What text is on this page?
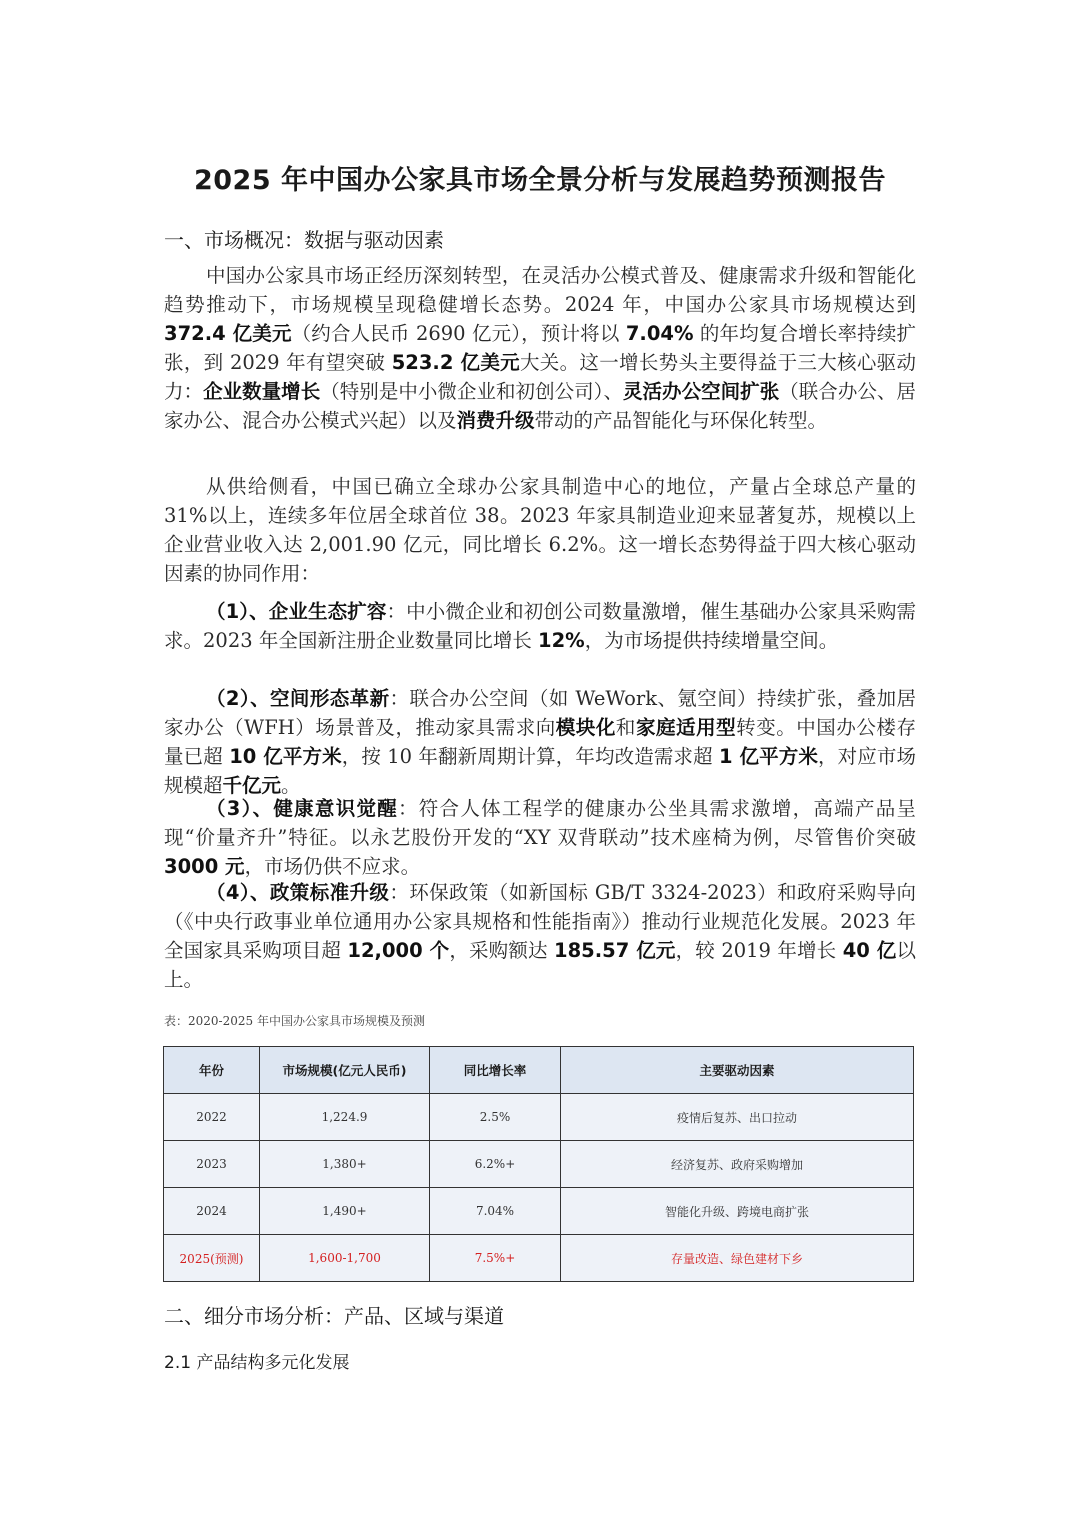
2025 年中国办公家具市场全景分析与发展趋势预测报告
一、市场概况：数据与驱动因素

中国办公家具市场正经历深刻转型，在灵活办公模式普及、健康需求升级和智能化趋势推动下，市场规模呈现稳健增长态势。2024 年，中国办公家具市场规模达到 372.4 亿美元（约合人民币 2690 亿元），预计将以 7.04% 的年均复合增长率持续扩张，到 2029 年有望突破 523.2 亿美元大关。这一增长势头主要得益于三大核心驱动力：企业数量增长（特别是中小微企业和初创公司）、灵活办公空间扩张（联合办公、居家办公、混合办公模式兴起）以及消费升级带动的产品智能化与环保化转型。

从供给侧看，中国已确立全球办公家具制造中心的地位，产量占全球总产量的 31%以上，连续多年位居全球首位 38。2023 年家具制造业迎来显著复苏，规模以上企业营业收入达 2,001.90 亿元，同比增长 6.2%。这一增长态势得益于四大核心驱动因素的协同作用：

（1）、企业生态扩容：中小微企业和初创公司数量激增，催生基础办公家具采购需求。2023 年全国新注册企业数量同比增长 12%，为市场提供持续增量空间。

（2）、空间形态革新：联合办公空间（如 WeWork、氪空间）持续扩张，叠加居家办公（WFH）场景普及，推动家具需求向模块化和家庭适用型转变。中国办公楼存量已超 10 亿平方米，按 10 年翻新周期计算，年均改造需求超 1 亿平方米，对应市场规模超千亿元。

（3）、健康意识觉醒：符合人体工程学的健康办公坐具需求激增，高端产品呈现“价量齐升”特征。以永艺股份开发的“XY 双背联动”技术座椅为例，尽管售价突破 3000 元，市场仍供不应求。

（4）、政策标准升级：环保政策（如新国标 GB/T 3324-2023）和政府采购导向（《中央行政事业单位通用办公家具规格和性能指南》）推动行业规范化发展。2023 年全国家具采购项目超 12,000 个，采购额达 185.57 亿元，较 2019 年增长 40 亿以上。

表：2020-2025 年中国办公家具市场规模及预测
年份	市场规模(亿元人民币)	同比增长率	主要驱动因素
2022	1,224.9	2.5%	疫情后复苏、出口拉动
2023	1,380+	6.2%+	经济复苏、政府采购增加
2024	1,490+	7.04%	智能化升级、跨境电商扩张
2025(预测)	1,600-1,700	7.5%+	存量改造、绿色建材下乡
二、细分市场分析：产品、区域与渠道
2.1 产品结构多元化发展
